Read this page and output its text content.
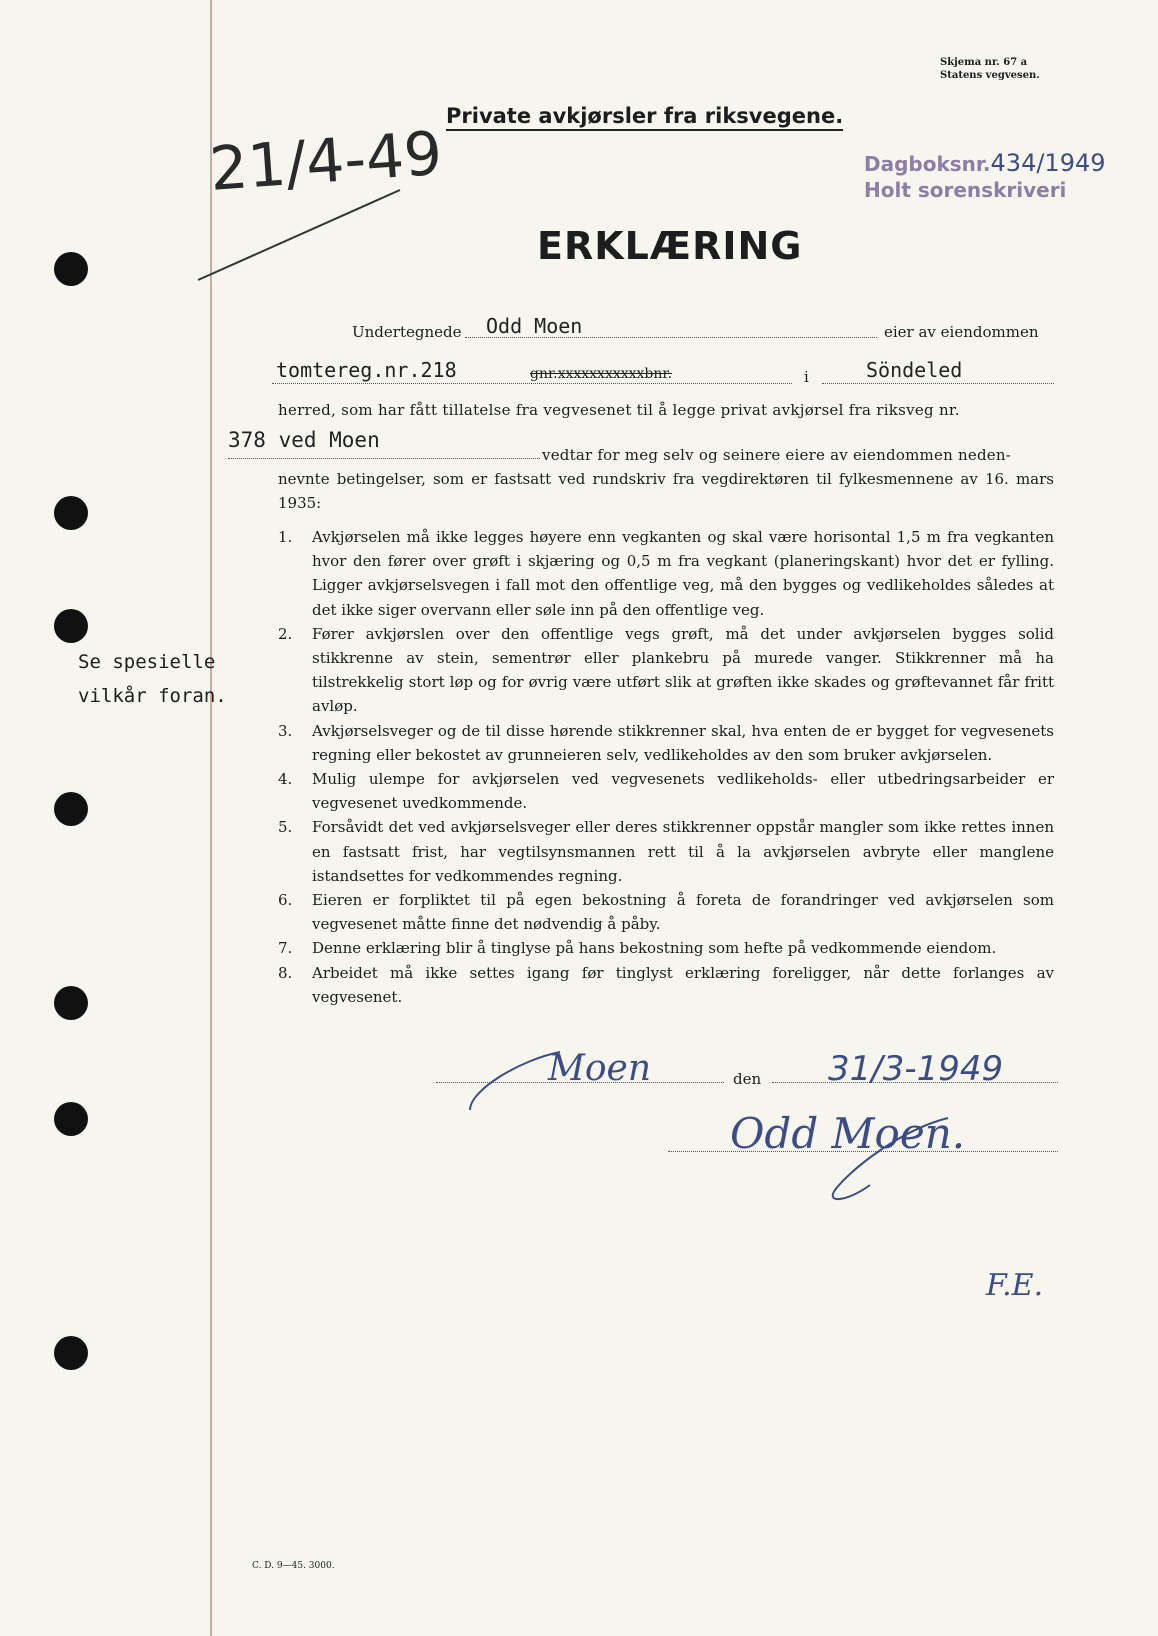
Skjema nr. 67 a
Statens vegvesen.
Private avkjørsler fra riksvegene.
21/4-49	Dagboksnr.434/1949
Holt sorenskriveri
ERKLÆRING
Undertegnede Odd Moen	eier av eiendommen
tomtereg.nr.218	gnr.xxxxxxxxxxxbnr.	i	Söndeled
herred, som har fått tillatelse fra vegvesenet til å legge privat avkjørsel fra riksveg nr.
378 ved Moen
vedtar for meg selv og seinere eiere av eiendommen neden-
nevnte betingelser, som er fastsatt ved rundskriv fra vegdirektøren til fylkesmennene av 16. mars 1935:
Se spesielle
vilkår foran.
1. Avkjørselen må ikke legges høyere enn vegkanten og skal være horisontal 1,5 m fra vegkanten hvor den fører over grøft i skjæring og 0,5 m fra vegkant (planeringskant) hvor det er fylling. Ligger avkjørselsvegen i fall mot den offentlige veg, må den bygges og vedlikeholdes således at det ikke siger overvann eller søle inn på den offentlige veg.
2. Fører avkjørslen over den offentlige vegs grøft, må det under avkjørselen bygges solid stikkrenne av stein, sementrør eller plankebru på murede vanger. Stikkrenner må ha tilstrekkelig stort løp og for øvrig være utført slik at grøften ikke skades og grøftevannet får fritt avløp.
3. Avkjørselsveger og de til disse hørende stikkrenner skal, hva enten de er bygget for vegvesenets regning eller bekostet av grunneieren selv, vedlikeholdes av den som bruker avkjørselen.
4. Mulig ulempe for avkjørselen ved vegvesenets vedlikeholds- eller utbedringsarbeider er vegvesenet uvedkommende.
5. Forsåvidt det ved avkjørselsveger eller deres stikkrenner oppstår mangler som ikke rettes innen en fastsatt frist, har vegtilsynsmannen rett til å la avkjørselen avbryte eller manglene istandsettes for vedkommendes regning.
6. Eieren er forpliktet til på egen bekostning å foreta de forandringer ved avkjørselen som vegvesenet måtte finne det nødvendig å påby.
7. Denne erklæring blir å tinglyse på hans bekostning som hefte på vedkommende eiendom.
8. Arbeidet må ikke settes igang før tinglyst erklæring foreligger, når dette forlanges av vegvesenet.
den
Moen	31/3-1949
Odd Moen.
F.E.
C. D. 9—45. 3000.
